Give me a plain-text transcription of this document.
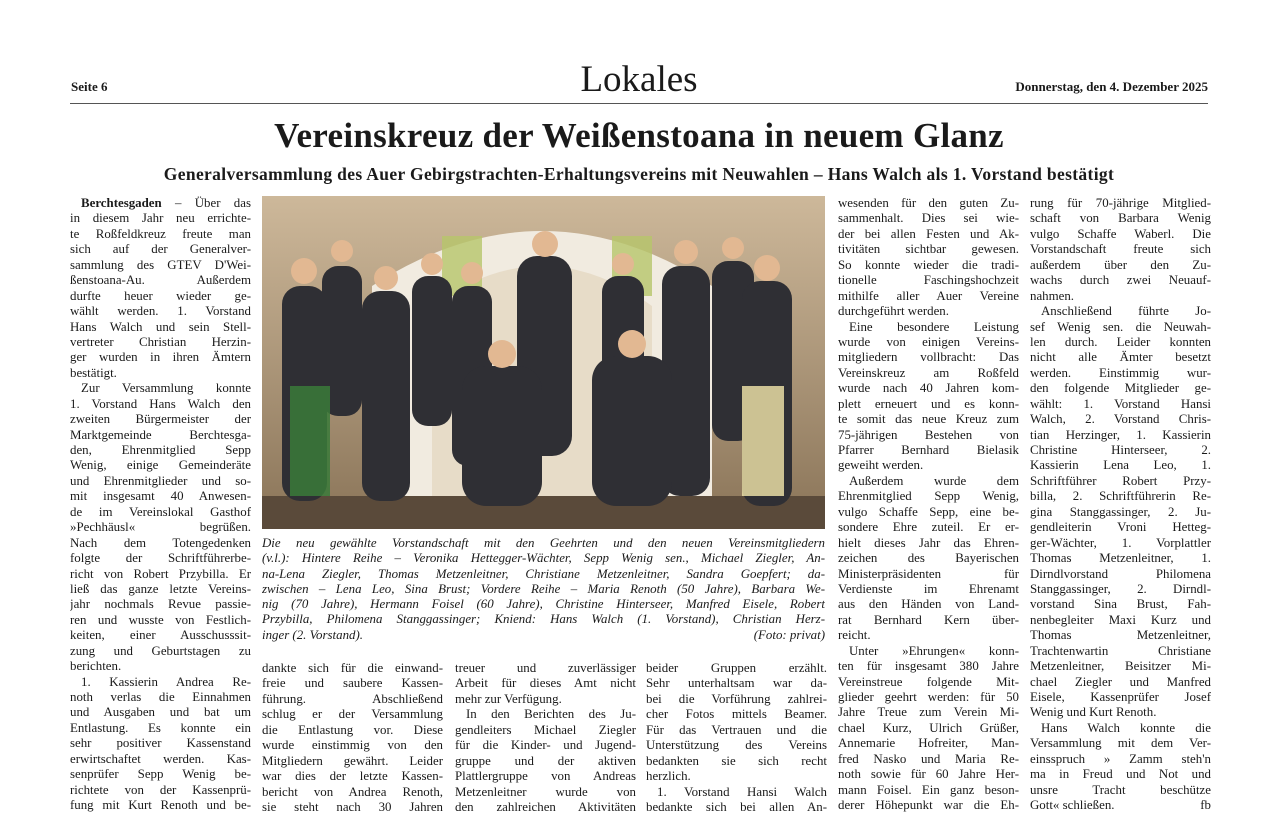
Seite 6	Lokales	Donnerstag, den 4. Dezember 2025
Vereinskreuz der Weißenstoana in neuem Glanz
Generalversammlung des Auer Gebirgstrachten-Erhaltungsvereins mit Neuwahlen – Hans Walch als 1. Vorstand bestätigt
Berchtesgaden – Über das
in diesem Jahr neu errichte-
te Roßfeldkreuz freute man
sich auf der Generalver-
sammlung des GTEV D'Wei-
ßenstoana-Au. Außerdem
durfte heuer wieder ge-
wählt werden. 1. Vorstand
Hans Walch und sein Stell-
vertreter Christian Herzin-
ger wurden in ihren Ämtern
bestätigt.
Zur Versammlung konnte
1. Vorstand Hans Walch den
zweiten Bürgermeister der
Marktgemeinde Berchtesga-
den, Ehrenmitglied Sepp
Wenig, einige Gemeinderäte
und Ehrenmitglieder und so-
mit insgesamt 40 Anwesen-
de im Vereinslokal Gasthof
»Pechhäusl« begrüßen.
Nach dem Totengedenken
folgte der Schriftführerbe-
richt von Robert Przybilla. Er
ließ das ganze letzte Vereins-
jahr nochmals Revue passie-
ren und wusste von Festlich-
keiten, einer Ausschusssit-
zung und Geburtstagen zu
berichten.
1. Kassierin Andrea Re-
noth verlas die Einnahmen
und Ausgaben und bat um
Entlastung. Es konnte ein
sehr positiver Kassenstand
erwirtschaftet werden. Kas-
senprüfer Sepp Wenig be-
richtete von der Kassenprü-
fung mit Kurt Renoth und be-
Die neu gewählte Vorstandschaft mit den Geehrten und den neuen Vereinsmitgliedern
(v.l.): Hintere Reihe – Veronika Hettegger-Wächter, Sepp Wenig sen., Michael Ziegler, An-
na-Lena Ziegler, Thomas Metzenleitner, Christiane Metzenleitner, Sandra Goepfert; da-
zwischen – Lena Leo, Sina Brust; Vordere Reihe – Maria Renoth (50 Jahre), Barbara We-
nig (70 Jahre), Hermann Foisel (60 Jahre), Christine Hinterseer, Manfred Eisele, Robert
Przybilla, Philomena Stanggassinger; Kniend: Hans Walch (1. Vorstand), Christian Herz-
(Foto: privat)
inger (2. Vorstand).
dankte sich für die einwand-
freie und saubere Kassen-
führung. Abschließend
schlug er der Versammlung
die Entlastung vor. Diese
wurde einstimmig von den
Mitgliedern gewährt. Leider
war dies der letzte Kassen-
bericht von Andrea Renoth,
sie steht nach 30 Jahren
treuer und zuverlässiger
Arbeit für dieses Amt nicht
mehr zur Verfügung.
In den Berichten des Ju-
gendleiters Michael Ziegler
für die Kinder- und Jugend-
gruppe und der aktiven
Plattlergruppe von Andreas
Metzenleitner wurde von
den zahlreichen Aktivitäten
beider Gruppen erzählt.
Sehr unterhaltsam war da-
bei die Vorführung zahlrei-
cher Fotos mittels Beamer.
Für das Vertrauen und die
Unterstützung des Vereins
bedankten sie sich recht
herzlich.
1. Vorstand Hansi Walch
bedankte sich bei allen An-
wesenden für den guten Zu-
sammenhalt. Dies sei wie-
der bei allen Festen und Ak-
tivitäten sichtbar gewesen.
So konnte wieder die tradi-
tionelle Faschingshochzeit
mithilfe aller Auer Vereine
durchgeführt werden.
Eine besondere Leistung
wurde von einigen Vereins-
mitgliedern vollbracht: Das
Vereinskreuz am Roßfeld
wurde nach 40 Jahren kom-
plett erneuert und es konn-
te somit das neue Kreuz zum
75-jährigen Bestehen von
Pfarrer Bernhard Bielasik
geweiht werden.
Außerdem wurde dem
Ehrenmitglied Sepp Wenig,
vulgo Schaffe Sepp, eine be-
sondere Ehre zuteil. Er er-
hielt dieses Jahr das Ehren-
zeichen des Bayerischen
Ministerpräsidenten für
Verdienste im Ehrenamt
aus den Händen von Land-
rat Bernhard Kern über-
reicht.
Unter »Ehrungen« konn-
ten für insgesamt 380 Jahre
Vereinstreue folgende Mit-
glieder geehrt werden: für 50
Jahre Treue zum Verein Mi-
chael Kurz, Ulrich Grüßer,
Annemarie Hofreiter, Man-
fred Nasko und Maria Re-
noth sowie für 60 Jahre Her-
mann Foisel. Ein ganz beson-
derer Höhepunkt war die Eh-
rung für 70-jährige Mitglied-
schaft von Barbara Wenig
vulgo Schaffe Waberl. Die
Vorstandschaft freute sich
außerdem über den Zu-
wachs durch zwei Neuauf-
nahmen.
Anschließend führte Jo-
sef Wenig sen. die Neuwah-
len durch. Leider konnten
nicht alle Ämter besetzt
werden. Einstimmig wur-
den folgende Mitglieder ge-
wählt: 1. Vorstand Hansi
Walch, 2. Vorstand Chris-
tian Herzinger, 1. Kassierin
Christine Hinterseer, 2.
Kassierin Lena Leo, 1.
Schriftführer Robert Przy-
billa, 2. Schriftführerin Re-
gina Stanggassinger, 2. Ju-
gendleiterin Vroni Hetteg-
ger-Wächter, 1. Vorplattler
Thomas Metzenleitner, 1.
Dirndlvorstand Philomena
Stanggassinger, 2. Dirndl-
vorstand Sina Brust, Fah-
nenbegleiter Maxi Kurz und
Thomas Metzenleitner,
Trachtenwartin Christiane
Metzenleitner, Beisitzer Mi-
chael Ziegler und Manfred
Eisele, Kassenprüfer Josef
Wenig und Kurt Renoth.
Hans Walch konnte die
Versammlung mit dem Ver-
einsspruch » Zamm steh'n
ma in Freud und Not und
unsre Tracht beschütze
fb
Gott« schließen.
